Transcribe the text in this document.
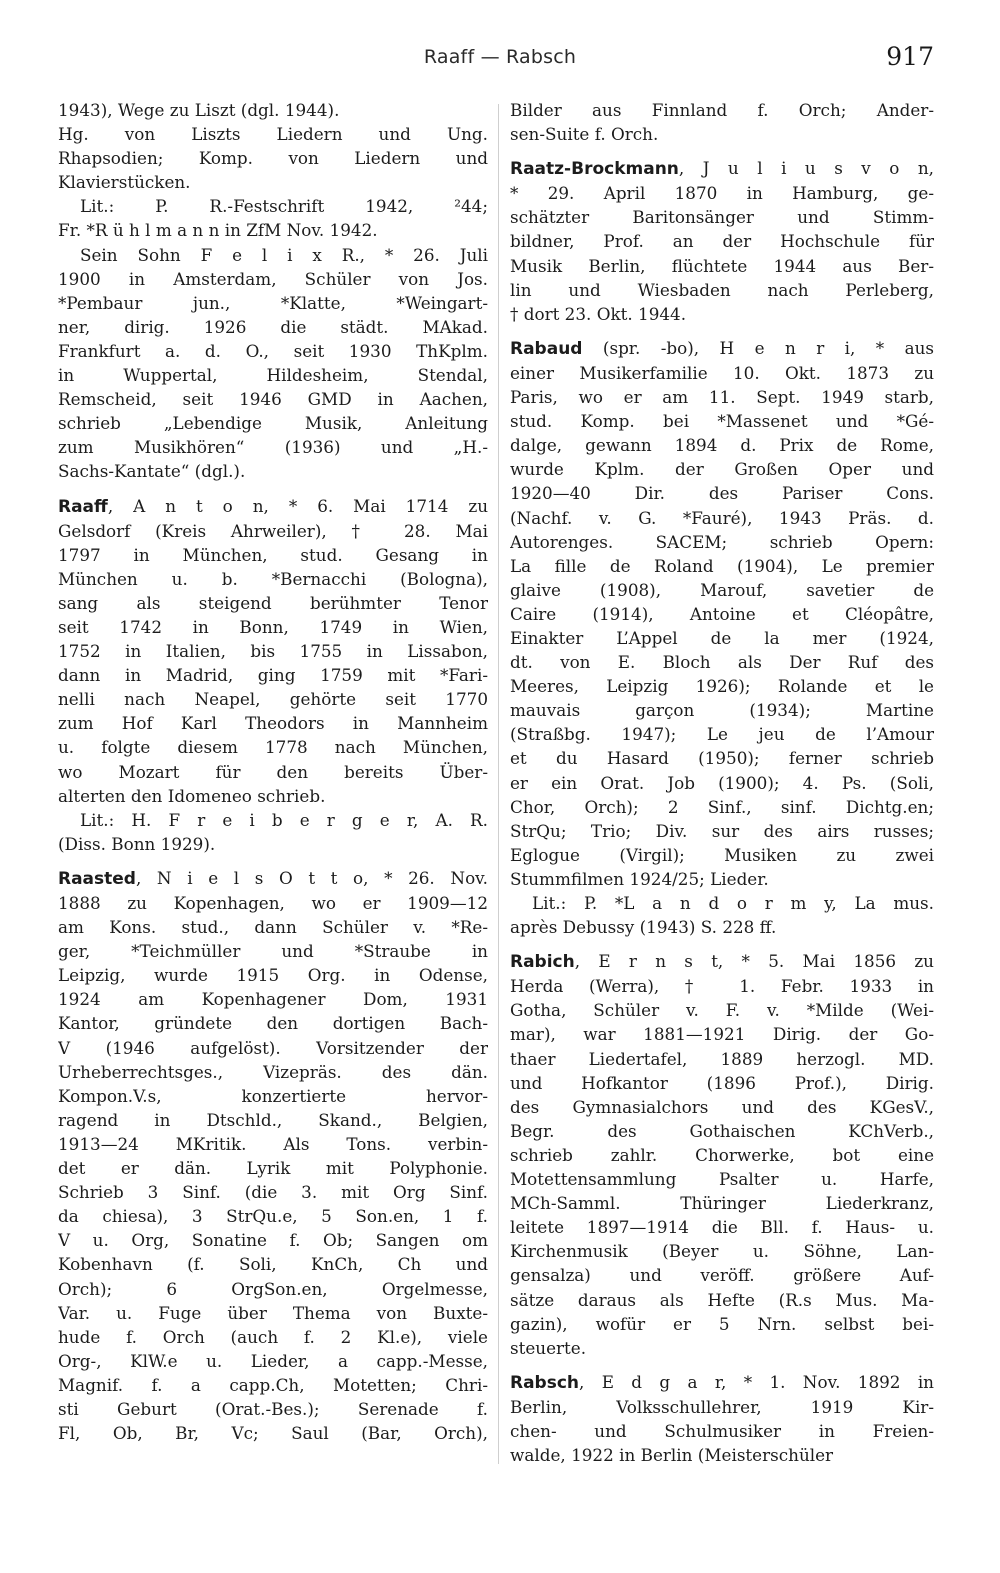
Raaff — Rabsch	917

1943), Wege zu Liszt (dgl. 1944).

Hg. von Liszts Liedern und Ung.

Rhapsodien; Komp. von Liedern und

Klavierstücken.

Lit.: P. R.-Festschrift 1942, ²44;

Fr. *R ü h l m a n n in ZfM Nov. 1942.

Sein Sohn F e l i x R., * 26. Juli

1900 in Amsterdam, Schüler von Jos.

*Pembaur jun., *Klatte, *Weingart-

ner, dirig. 1926 die städt. MAkad.

Frankfurt a. d. O., seit 1930 ThKplm.

in Wuppertal, Hildesheim, Stendal,

Remscheid, seit 1946 GMD in Aachen,

schrieb „Lebendige Musik, Anleitung

zum Musikhören“ (1936) und „H.-

Sachs-Kantate“ (dgl.).

Raaff, A n t o n, * 6. Mai 1714 zu

Gelsdorf (Kreis Ahrweiler), † 28. Mai

1797 in München, stud. Gesang in

München u. b. *Bernacchi (Bologna),

sang als steigend berühmter Tenor

seit 1742 in Bonn, 1749 in Wien,

1752 in Italien, bis 1755 in Lissabon,

dann in Madrid, ging 1759 mit *Fari-

nelli nach Neapel, gehörte seit 1770

zum Hof Karl Theodors in Mannheim

u. folgte diesem 1778 nach München,

wo Mozart für den bereits Über-

alterten den Idomeneo schrieb.

Lit.: H. F r e i b e r g e r, A. R.

(Diss. Bonn 1929).

Raasted, N i e l s O t t o, * 26. Nov.

1888 zu Kopenhagen, wo er 1909—12

am Kons. stud., dann Schüler v. *Re-

ger, *Teichmüller und *Straube in

Leipzig, wurde 1915 Org. in Odense,

1924 am Kopenhagener Dom, 1931

Kantor, gründete den dortigen Bach-

V (1946 aufgelöst). Vorsitzender der

Urheberrechtsges., Vizepräs. des dän.

Kompon.V.s, konzertierte hervor-

ragend in Dtschld., Skand., Belgien,

1913—24 MKritik. Als Tons. verbin-

det er dän. Lyrik mit Polyphonie.

Schrieb 3 Sinf. (die 3. mit Org Sinf.

da chiesa), 3 StrQu.e, 5 Son.en, 1 f.

V u. Org, Sonatine f. Ob; Sangen om

Kobenhavn (f. Soli, KnCh, Ch und

Orch); 6 OrgSon.en, Orgelmesse,

Var. u. Fuge über Thema von Buxte-

hude f. Orch (auch f. 2 Kl.e), viele

Org-, KlW.e u. Lieder, a capp.-Messe,

Magnif. f. a capp.Ch, Motetten; Chri-

sti Geburt (Orat.-Bes.); Serenade f.

Fl, Ob, Br, Vc; Saul (Bar, Orch),

Bilder aus Finnland f. Orch; Ander-

sen-Suite f. Orch.

Raatz-Brockmann, J u l i u s v o n,

* 29. April 1870 in Hamburg, ge-

schätzter Baritonsänger und Stimm-

bildner, Prof. an der Hochschule für

Musik Berlin, flüchtete 1944 aus Ber-

lin und Wiesbaden nach Perleberg,

† dort 23. Okt. 1944.

Rabaud (spr. -bo), H e n r i, * aus

einer Musikerfamilie 10. Okt. 1873 zu

Paris, wo er am 11. Sept. 1949 starb,

stud. Komp. bei *Massenet und *Gé-

dalge, gewann 1894 d. Prix de Rome,

wurde Kplm. der Großen Oper und

1920—40 Dir. des Pariser Cons.

(Nachf. v. G. *Fauré), 1943 Präs. d.

Autorenges. SACEM; schrieb Opern:

La fille de Roland (1904), Le premier

glaive (1908), Marouf, savetier de

Caire (1914), Antoine et Cléopâtre,

Einakter L’Appel de la mer (1924,

dt. von E. Bloch als Der Ruf des

Meeres, Leipzig 1926); Rolande et le

mauvais garçon (1934); Martine

(Straßbg. 1947); Le jeu de l’Amour

et du Hasard (1950); ferner schrieb

er ein Orat. Job (1900); 4. Ps. (Soli,

Chor, Orch); 2 Sinf., sinf. Dichtg.en;

StrQu; Trio; Div. sur des airs russes;

Eglogue (Virgil); Musiken zu zwei

Stummfilmen 1924/25; Lieder.

Lit.: P. *L a n d o r m y, La mus.

après Debussy (1943) S. 228 ff.

Rabich, E r n s t, * 5. Mai 1856 zu

Herda (Werra), † 1. Febr. 1933 in

Gotha, Schüler v. F. v. *Milde (Wei-

mar), war 1881—1921 Dirig. der Go-

thaer Liedertafel, 1889 herzogl. MD.

und Hofkantor (1896 Prof.), Dirig.

des Gymnasialchors und des KGesV.,

Begr. des Gothaischen KChVerb.,

schrieb zahlr. Chorwerke, bot eine

Motettensammlung Psalter u. Harfe,

MCh-Samml. Thüringer Liederkranz,

leitete 1897—1914 die Bll. f. Haus- u.

Kirchenmusik (Beyer u. Söhne, Lan-

gensalza) und veröff. größere Auf-

sätze daraus als Hefte (R.s Mus. Ma-

gazin), wofür er 5 Nrn. selbst bei-

steuerte.

Rabsch, E d g a r, * 1. Nov. 1892 in

Berlin, Volksschullehrer, 1919 Kir-

chen- und Schulmusiker in Freien-

walde, 1922 in Berlin (Meisterschüler
